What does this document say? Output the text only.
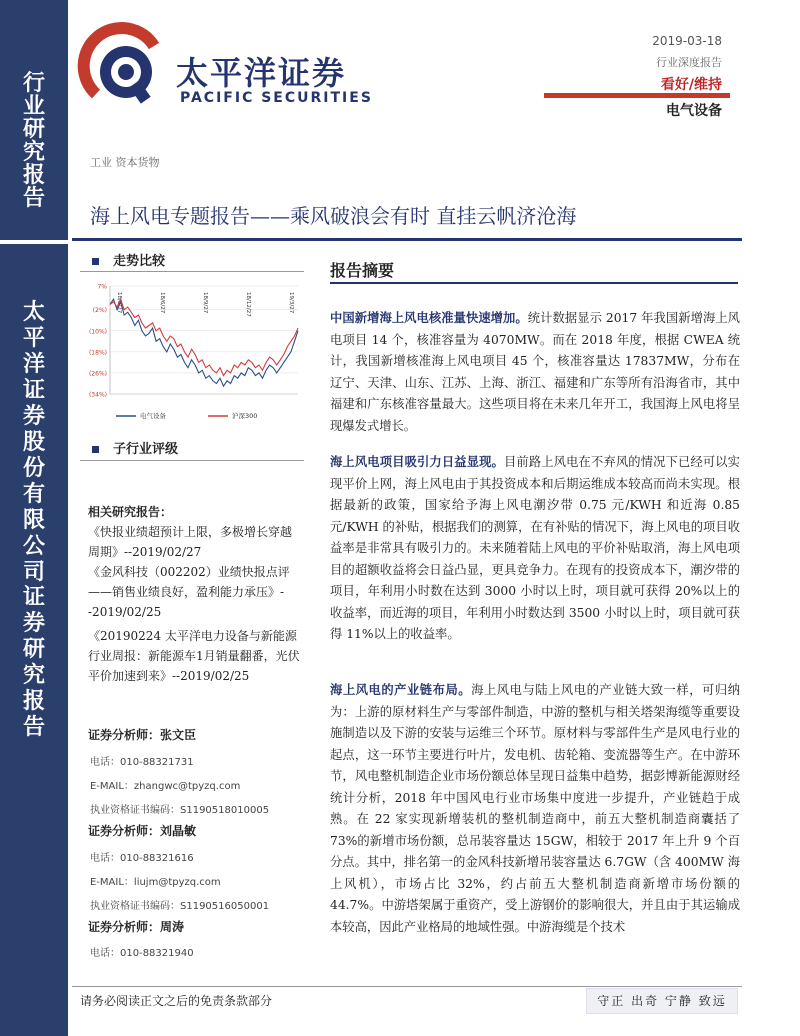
行业研究报告
太平洋证券股份有限公司证券研究报告
太平洋证券
PACIFIC SECURITIES
2019-03-18
行业深度报告
看好/维持
电气设备
工业 资本货物
海上风电专题报告——乘风破浪会有时 直挂云帆济沧海
走势比较
7%
(2%)
(10%)
(18%)
(26%)
(34%)
18/3/27	18/6/27	18/9/27	18/12/27	19/3/27
电气设备	沪深300
子行业评级
相关研究报告：
《快报业绩超预计上限，多极增长穿越周期》--2019/02/27
《金风科技（002202）业绩快报点评——销售业绩良好，盈利能力承压》--2019/02/25
《20190224 太平洋电力设备与新能源行业周报：新能源车1月销量翻番，光伏平价加速到来》--2019/02/25
证券分析师：张文臣
电话：010-88321731
E-MAIL：zhangwc@tpyzq.com
执业资格证书编码：S1190518010005
证券分析师：刘晶敏
电话：010-88321616
E-MAIL：liujm@tpyzq.com
执业资格证书编码：S1190516050001
证券分析师：周涛
电话：010-88321940
报告摘要
中国新增海上风电核准量快速增加。统计数据显示 2017 年我国新增海上风电项目 14 个，核准容量为 4070MW。而在 2018 年度，根据 CWEA 统计，我国新增核准海上风电项目 45 个，核准容量达 17837MW，分布在辽宁、天津、山东、江苏、上海、浙江、福建和广东等所有沿海省市，其中福建和广东核准容量最大。这些项目将在未来几年开工，我国海上风电将呈现爆发式增长。
海上风电项目吸引力日益显现。目前路上风电在不弃风的情况下已经可以实现平价上网，海上风电由于其投资成本和后期运维成本较高而尚未实现。根据最新的政策，国家给予海上风电潮汐带 0.75 元/KWH 和近海 0.85 元/KWH 的补贴，根据我们的测算，在有补贴的情况下，海上风电的项目收益率是非常具有吸引力的。未来随着陆上风电的平价补贴取消，海上风电项目的超额收益将会日益凸显，更具竞争力。在现有的投资成本下，潮汐带的项目，年利用小时数在达到 3000 小时以上时，项目就可获得 20%以上的收益率，而近海的项目，年利用小时数达到 3500 小时以上时，项目就可获得 11%以上的收益率。
海上风电的产业链布局。海上风电与陆上风电的产业链大致一样，可归纳为：上游的原材料生产与零部件制造，中游的整机与相关塔架海缆等重要设施制造以及下游的安装与运维三个环节。原材料与零部件生产是风电行业的起点，这一环节主要进行叶片，发电机、齿轮箱、变流器等生产。在中游环节，风电整机制造企业市场份额总体呈现日益集中趋势，据彭博新能源财经统计分析，2018 年中国风电行业市场集中度进一步提升，产业链趋于成熟。在 22 家实现新增装机的整机制造商中，前五大整机制造商囊括了 73%的新增市场份额，总吊装容量达 15GW，相较于 2017 年上升 9 个百分点。其中，排名第一的金风科技新增吊装容量达 6.7GW（含 400MW 海上风机），市场占比 32%，约占前五大整机制造商新增市场份额的 44.7%。中游塔架属于重资产，受上游钢价的影响很大，并且由于其运输成本较高，因此产业格局的地域性强。中游海缆是个技术
请务必阅读正文之后的免责条款部分	守正 出奇 宁静 致远
